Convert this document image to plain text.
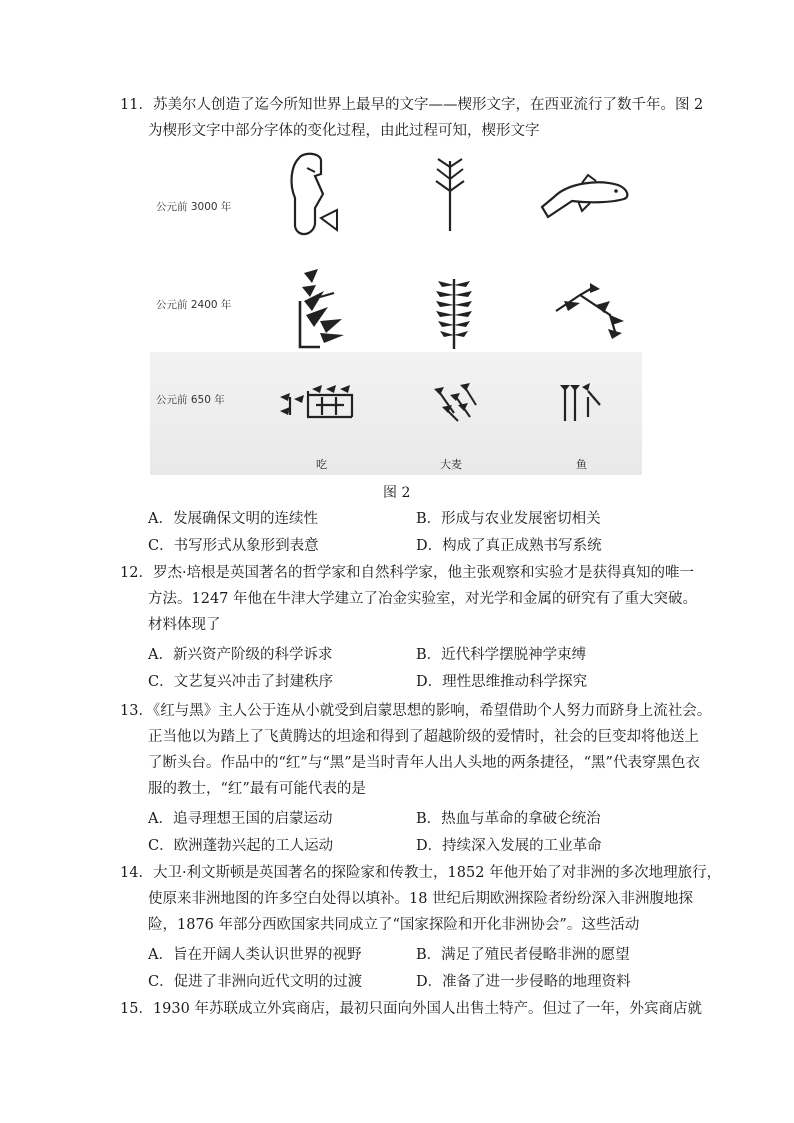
11．苏美尔人创造了迄今所知世界上最早的文字——楔形文字，在西亚流行了数千年。图 2
为楔形文字中部分字体的变化过程，由此过程可知，楔形文字
公元前 3000 年
公元前 2400 年
公元前 650 年
吃	大麦	鱼
图 2
A．发展确保文明的连续性	B．形成与农业发展密切相关
C．书写形式从象形到表意	D．构成了真正成熟书写系统
12．罗杰·培根是英国著名的哲学家和自然科学家，他主张观察和实验才是获得真知的唯一
方法。1247 年他在牛津大学建立了冶金实验室，对光学和金属的研究有了重大突破。
材料体现了
A．新兴资产阶级的科学诉求	B．近代科学摆脱神学束缚
C．文艺复兴冲击了封建秩序	D．理性思维推动科学探究
13．《红与黑》主人公于连从小就受到启蒙思想的影响，希望借助个人努力而跻身上流社会。
正当他以为踏上了飞黄腾达的坦途和得到了超越阶级的爱情时，社会的巨变却将他送上
了断头台。作品中的“红”与“黑”是当时青年人出人头地的两条捷径，“黑”代表穿黑色衣
服的教士，“红”最有可能代表的是
A．追寻理想王国的启蒙运动	B．热血与革命的拿破仑统治
C．欧洲蓬勃兴起的工人运动	D．持续深入发展的工业革命
14．大卫·利文斯顿是英国著名的探险家和传教士，1852 年他开始了对非洲的多次地理旅行，
使原来非洲地图的许多空白处得以填补。18 世纪后期欧洲探险者纷纷深入非洲腹地探
险，1876 年部分西欧国家共同成立了“国家探险和开化非洲协会”。这些活动
A．旨在开阔人类认识世界的视野	B．满足了殖民者侵略非洲的愿望
C．促进了非洲向近代文明的过渡	D．准备了进一步侵略的地理资料
15．1930 年苏联成立外宾商店，最初只面向外国人出售土特产。但过了一年，外宾商店就
